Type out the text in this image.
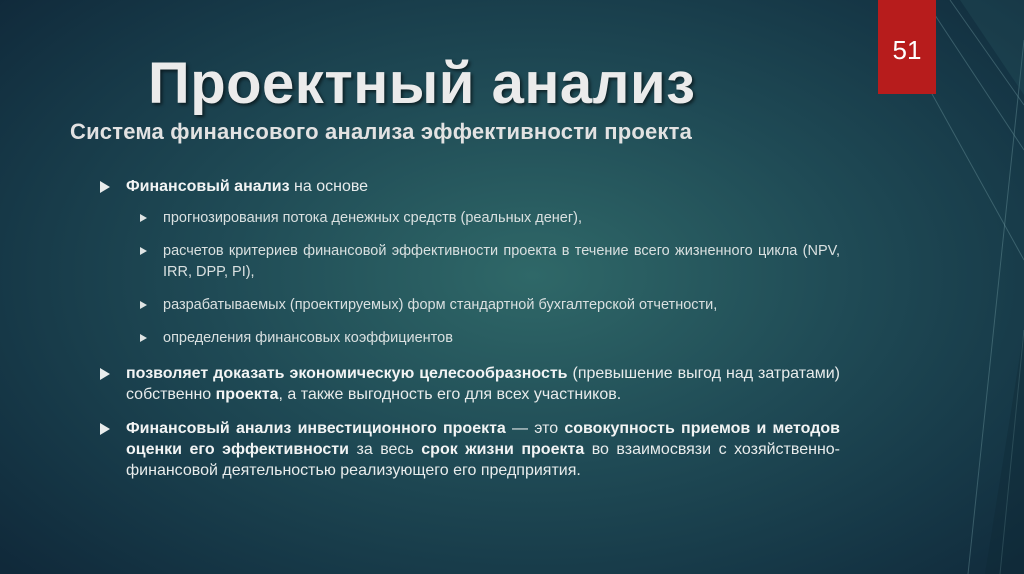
51
Проектный анализ
Система финансового анализа эффективности проекта
Финансовый анализ на основе
прогнозирования потока денежных средств (реальных денег),
расчетов критериев финансовой эффективности проекта в течение всего жизненного цикла (NPV, IRR, DPP, PI),
разрабатываемых (проектируемых) форм стандартной бухгалтерской отчетности,
определения финансовых коэффициентов
позволяет доказать экономическую целесообразность (превышение выгод над затратами) собственно проекта, а также выгодность его для всех участников.
Финансовый анализ инвестиционного проекта — это совокупность приемов и методов оценки его эффективности за весь срок жизни проекта во взаимосвязи с хозяйственно-финансовой деятельностью реализующего его предприятия.
